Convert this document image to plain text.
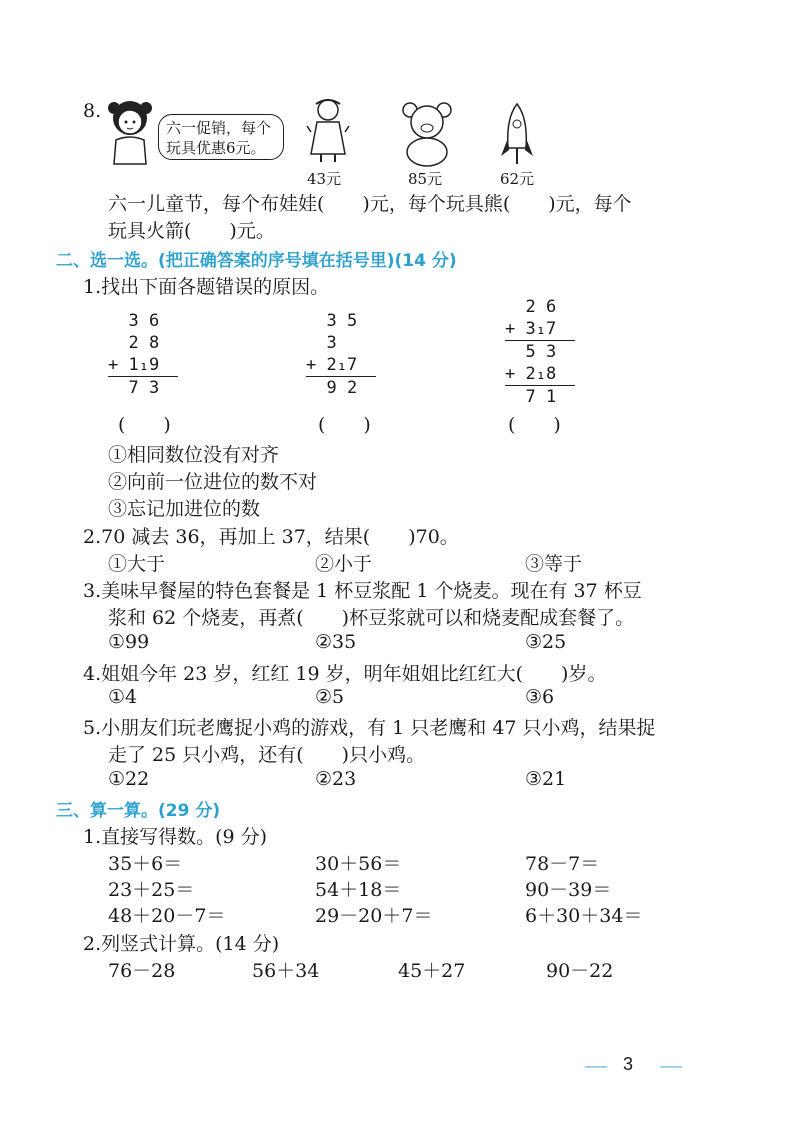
8.
六一促销，每个
玩具优惠6元。
43元	85元	62元
六一儿童节，每个布娃娃(　　)元，每个玩具熊(　　)元，每个
玩具火箭(　　)元。
二、选一选。(把正确答案的序号填在括号里)(14 分)
1.找出下面各题错误的原因。
3 6
2 8
+ 1₁9
7 3
(　　)
3 5
3
+ 2₁7
9 2
(　　)
2 6
+ 3₁7
5 3
+ 2₁8
7 1
(　　)
①相同数位没有对齐
②向前一位进位的数不对
③忘记加进位的数
2.70 减去 36，再加上 37，结果(　　)70。
①大于	②小于	③等于
3.美味早餐屋的特色套餐是 1 杯豆浆配 1 个烧麦。现在有 37 杯豆
浆和 62 个烧麦，再煮(　　)杯豆浆就可以和烧麦配成套餐了。
①99	②35	③25
4.姐姐今年 23 岁，红红 19 岁，明年姐姐比红红大(　　)岁。
①4	②5	③6
5.小朋友们玩老鹰捉小鸡的游戏，有 1 只老鹰和 47 只小鸡，结果捉
走了 25 只小鸡，还有(　　)只小鸡。
①22	②23	③21
三、算一算。(29 分)
1.直接写得数。(9 分)
35＋6＝	30＋56＝	78－7＝
23＋25＝	54＋18＝	90－39＝
48＋20－7＝	29－20＋7＝	6＋30＋34＝
2.列竖式计算。(14 分)
76－28	56＋34	45＋27	90－22
3
